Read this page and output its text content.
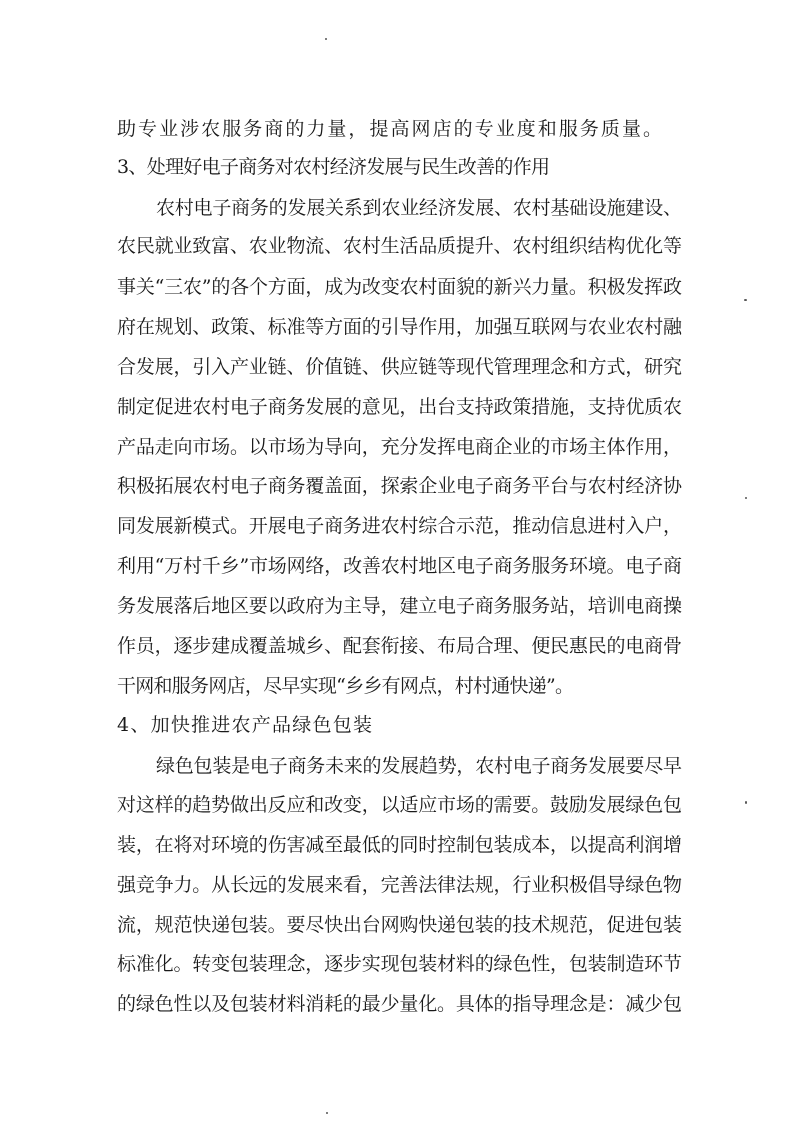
助专业涉农服务商的力量，提高网店的专业度和服务质量。
3、处理好电子商务对农村经济发展与民生改善的作用
农村电子商务的发展关系到农业经济发展、农村基础设施建设、
农民就业致富、农业物流、农村生活品质提升、农村组织结构优化等
事关“三农”的各个方面，成为改变农村面貌的新兴力量。积极发挥政
府在规划、政策、标准等方面的引导作用，加强互联网与农业农村融
合发展，引入产业链、价值链、供应链等现代管理理念和方式，研究
制定促进农村电子商务发展的意见，出台支持政策措施，支持优质农
产品走向市场。以市场为导向，充分发挥电商企业的市场主体作用，
积极拓展农村电子商务覆盖面，探索企业电子商务平台与农村经济协
同发展新模式。开展电子商务进农村综合示范，推动信息进村入户，
利用“万村千乡”市场网络，改善农村地区电子商务服务环境。电子商
务发展落后地区要以政府为主导，建立电子商务服务站，培训电商操
作员，逐步建成覆盖城乡、配套衔接、布局合理、便民惠民的电商骨
干网和服务网店，尽早实现“乡乡有网点，村村通快递”。
4、加快推进农产品绿色包装
绿色包装是电子商务未来的发展趋势，农村电子商务发展要尽早
对这样的趋势做出反应和改变，以适应市场的需要。鼓励发展绿色包
装，在将对环境的伤害减至最低的同时控制包装成本，以提高利润增
强竞争力。从长远的发展来看，完善法律法规，行业积极倡导绿色物
流，规范快递包装。要尽快出台网购快递包装的技术规范，促进包装
标准化。转变包装理念，逐步实现包装材料的绿色性，包装制造环节
的绿色性以及包装材料消耗的最少量化。具体的指导理念是：减少包
